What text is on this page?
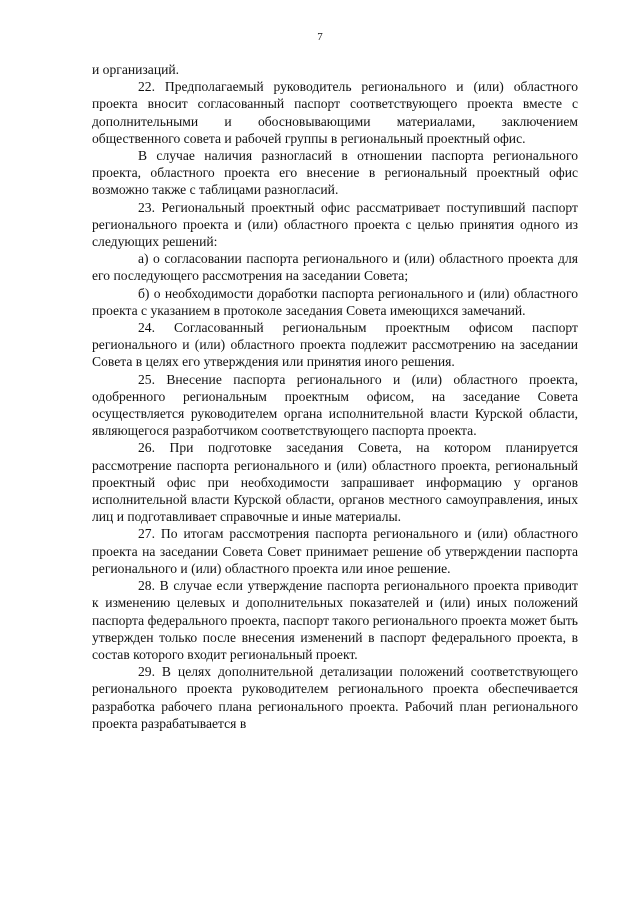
7

и организаций.

22. Предполагаемый руководитель регионального и (или) областного проекта вносит согласованный паспорт соответствующего проекта вместе с дополнительными и обосновывающими материалами, заключением общественного совета и рабочей группы в региональный проектный офис.

В случае наличия разногласий в отношении паспорта регионального проекта, областного проекта его внесение в региональный проектный офис возможно также с таблицами разногласий.

23. Региональный проектный офис рассматривает поступивший паспорт регионального проекта и (или) областного проекта с целью принятия одного из следующих решений:

а) о согласовании паспорта регионального и (или) областного проекта для его последующего рассмотрения на заседании Совета;

б) о необходимости доработки паспорта регионального и (или) областного проекта с указанием в протоколе заседания Совета имеющихся замечаний.

24. Согласованный региональным проектным офисом паспорт регионального и (или) областного проекта подлежит рассмотрению на заседании Совета в целях его утверждения или принятия иного решения.

25. Внесение паспорта регионального и (или) областного проекта, одобренного региональным проектным офисом, на заседание Совета осуществляется руководителем органа исполнительной власти Курской области, являющегося разработчиком соответствующего паспорта проекта.

26. При подготовке заседания Совета, на котором планируется рассмотрение паспорта регионального и (или) областного проекта, региональный проектный офис при необходимости запрашивает информацию у органов исполнительной власти Курской области, органов местного самоуправления, иных лиц и подготавливает справочные и иные материалы.

27. По итогам рассмотрения паспорта регионального и (или) областного проекта на заседании Совета Совет принимает решение об утверждении паспорта регионального и (или) областного проекта или иное решение.

28. В случае если утверждение паспорта регионального проекта приводит к изменению целевых и дополнительных показателей и (или) иных положений паспорта федерального проекта, паспорт такого регионального проекта может быть утвержден только после внесения изменений в паспорт федерального проекта, в состав которого входит региональный проект.

29. В целях дополнительной детализации положений соответствующего регионального проекта руководителем регионального проекта обеспечивается разработка рабочего плана регионального проекта. Рабочий план регионального проекта разрабатывается в
